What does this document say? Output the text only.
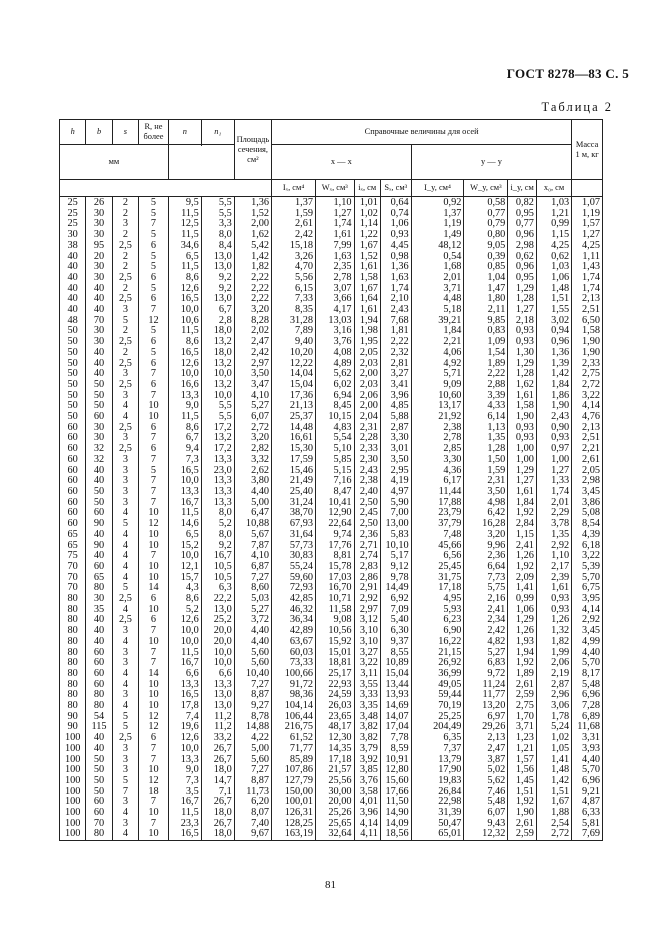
ГОСТ 8278—83 С. 5
Таблица 2
h	b	s	R, не более	n	n₁	Площадь сечения, см²	Справочные величины для осей								Масса 1 м, кг
мм															
							x — x				y — y				
							Iₓ, см⁴	Wₓ, см³	iₓ, см	Sₓ, см³	I_y, см⁴	W_y, см³	i_y, см	x₀, см	
25	26	2	5	9,5	5,5	1,36	1,37	1,10	1,01	0,64	0,92	0,58	0,82	1,03	1,07
25	30	2	5	11,5	5,5	1,52	1,59	1,27	1,02	0,74	1,37	0,77	0,95	1,21	1,19
25	30	3	7	12,5	3,3	2,00	2,61	1,74	1,14	1,06	1,19	0,79	0,77	0,99	1,57
30	30	2	5	11,5	8,0	1,62	2,42	1,61	1,22	0,93	1,49	0,80	0,96	1,15	1,27
38	95	2,5	6	34,6	8,4	5,42	15,18	7,99	1,67	4,45	48,12	9,05	2,98	4,25	4,25
40	20	2	5	6,5	13,0	1,42	3,26	1,63	1,52	0,98	0,54	0,39	0,62	0,62	1,11
40	30	2	5	11,5	13,0	1,82	4,70	2,35	1,61	1,36	1,68	0,85	0,96	1,03	1,43
40	30	2,5	6	8,6	9,2	2,22	5,56	2,78	1,58	1,63	2,01	1,04	0,95	1,06	1,74
40	40	2	5	12,6	9,2	2,22	6,15	3,07	1,67	1,74	3,71	1,47	1,29	1,48	1,74
40	40	2,5	6	16,5	13,0	2,22	7,33	3,66	1,64	2,10	4,48	1,80	1,28	1,51	2,13
40	40	3	7	10,0	6,7	3,20	8,35	4,17	1,61	2,43	5,18	2,11	1,27	1,55	2,51
48	70	5	12	10,6	2,8	8,28	31,28	13,03	1,94	7,68	39,21	9,85	2,18	3,02	6,50
50	30	2	5	11,5	18,0	2,02	7,89	3,16	1,98	1,81	1,84	0,83	0,93	0,94	1,58
50	30	2,5	6	8,6	13,2	2,47	9,40	3,76	1,95	2,22	2,21	1,09	0,93	0,96	1,90
50	40	2	5	16,5	18,0	2,42	10,20	4,08	2,05	2,32	4,06	1,54	1,30	1,36	1,90
50	40	2,5	6	12,6	13,2	2,97	12,22	4,89	2,03	2,81	4,92	1,89	1,29	1,39	2,33
50	40	3	7	10,0	10,0	3,50	14,04	5,62	2,00	3,27	5,71	2,22	1,28	1,42	2,75
50	50	2,5	6	16,6	13,2	3,47	15,04	6,02	2,03	3,41	9,09	2,88	1,62	1,84	2,72
50	50	3	7	13,3	10,0	4,10	17,36	6,94	2,06	3,96	10,60	3,39	1,61	1,86	3,22
50	50	4	10	9,0	5,5	5,27	21,13	8,45	2,00	4,85	13,17	4,33	1,58	1,90	4,14
50	60	4	10	11,5	5,5	6,07	25,37	10,15	2,04	5,88	21,92	6,14	1,90	2,43	4,76
60	30	2,5	6	8,6	17,2	2,72	14,48	4,83	2,31	2,87	2,38	1,13	0,93	0,90	2,13
60	30	3	7	6,7	13,2	3,20	16,61	5,54	2,28	3,30	2,78	1,35	0,93	0,93	2,51
60	32	2,5	6	9,4	17,2	2,82	15,30	5,10	2,33	3,01	2,85	1,28	1,00	0,97	2,21
60	32	3	7	7,3	13,3	3,32	17,59	5,85	2,30	3,50	3,30	1,50	1,00	1,00	2,61
60	40	3	5	16,5	23,0	2,62	15,46	5,15	2,43	2,95	4,36	1,59	1,29	1,27	2,05
60	40	3	7	10,0	13,3	3,80	21,49	7,16	2,38	4,19	6,17	2,31	1,27	1,33	2,98
60	50	3	7	13,3	13,3	4,40	25,40	8,47	2,40	4,97	11,44	3,50	1,61	1,74	3,45
60	50	3	7	16,7	13,3	5,00	31,24	10,41	2,50	5,90	17,88	4,98	1,84	2,01	3,86
60	60	4	10	11,5	8,0	6,47	38,70	12,90	2,45	7,00	23,79	6,42	1,92	2,29	5,08
60	90	5	12	14,6	5,2	10,88	67,93	22,64	2,50	13,00	37,79	16,28	2,84	3,78	8,54
65	40	4	10	6,5	8,0	5,67	31,64	9,74	2,36	5,83	7,48	3,20	1,15	1,35	4,39
65	90	4	10	15,2	9,2	7,87	57,73	17,76	2,71	10,10	45,66	9,96	2,41	2,92	6,18
75	40	4	7	10,0	16,7	4,10	30,83	8,81	2,74	5,17	6,56	2,36	1,26	1,10	3,22
70	60	4	10	12,1	10,5	6,87	55,24	15,78	2,83	9,12	25,45	6,64	1,92	2,17	5,39
70	65	4	10	15,7	10,5	7,27	59,60	17,03	2,86	9,78	31,75	7,73	2,09	2,39	5,70
70	80	5	14	4,3	6,3	8,60	72,93	16,70	2,91	14,49	17,18	5,75	1,41	1,61	6,75
80	30	2,5	6	8,6	22,2	5,03	42,85	10,71	2,92	6,92	4,95	2,16	0,99	0,93	3,95
80	35	4	10	5,2	13,0	5,27	46,32	11,58	2,97	7,09	5,93	2,41	1,06	0,93	4,14
80	40	2,5	6	12,6	25,2	3,72	36,34	9,08	3,12	5,40	6,23	2,34	1,29	1,26	2,92
80	40	3	7	10,0	20,0	4,40	42,89	10,56	3,10	6,30	6,90	2,42	1,26	1,32	3,45
80	40	4	10	10,0	20,0	4,40	63,67	15,92	3,10	9,37	16,22	4,82	1,93	1,82	4,99
80	60	3	7	11,5	10,0	5,60	60,03	15,01	3,27	8,55	21,15	5,27	1,94	1,99	4,40
80	60	3	7	16,7	10,0	5,60	73,33	18,81	3,22	10,89	26,92	6,83	1,92	2,06	5,70
80	60	4	14	6,6	6,6	10,40	100,66	25,17	3,11	15,04	36,99	9,72	1,89	2,19	8,17
80	60	4	10	13,3	13,3	7,27	91,72	22,93	3,55	13,44	49,05	11,24	2,61	2,87	5,48
80	80	3	10	16,5	13,0	8,87	98,36	24,59	3,33	13,93	59,44	11,77	2,59	2,96	6,96
80	80	4	10	17,8	13,0	9,27	104,14	26,03	3,35	14,69	70,19	13,20	2,75	3,06	7,28
90	54	5	12	7,4	11,2	8,78	106,44	23,65	3,48	14,07	25,25	6,97	1,70	1,78	6,89
90	115	5	12	19,6	11,2	14,88	216,75	48,17	3,82	17,04	204,49	29,26	3,71	5,24	11,68
100	40	2,5	6	12,6	33,2	4,22	61,52	12,30	3,82	7,78	6,35	2,13	1,23	1,02	3,31
100	40	3	7	10,0	26,7	5,00	71,77	14,35	3,79	8,59	7,37	2,47	1,21	1,05	3,93
100	50	3	7	13,3	26,7	5,60	85,89	17,18	3,92	10,91	13,79	3,87	1,57	1,41	4,40
100	50	3	10	9,0	18,0	7,27	107,86	21,57	3,85	12,80	17,90	5,02	1,56	1,48	5,70
100	50	5	12	7,3	14,7	8,87	127,79	25,56	3,76	15,60	19,83	5,62	1,45	1,42	6,96
100	50	7	18	3,5	7,1	11,73	150,00	30,00	3,58	17,66	26,84	7,46	1,51	1,51	9,21
100	60	3	7	16,7	26,7	6,20	100,01	20,00	4,01	11,50	22,98	5,48	1,92	1,67	4,87
100	60	4	10	11,5	18,0	8,07	126,31	25,26	3,96	14,90	31,39	6,07	1,90	1,88	6,33
100	70	3	7	23,3	26,7	7,40	128,25	25,65	4,14	14,09	50,47	9,43	2,61	2,54	5,81
100	80	4	10	16,5	18,0	9,67	163,19	32,64	4,11	18,56	65,01	12,32	2,59	2,72	7,69
81
